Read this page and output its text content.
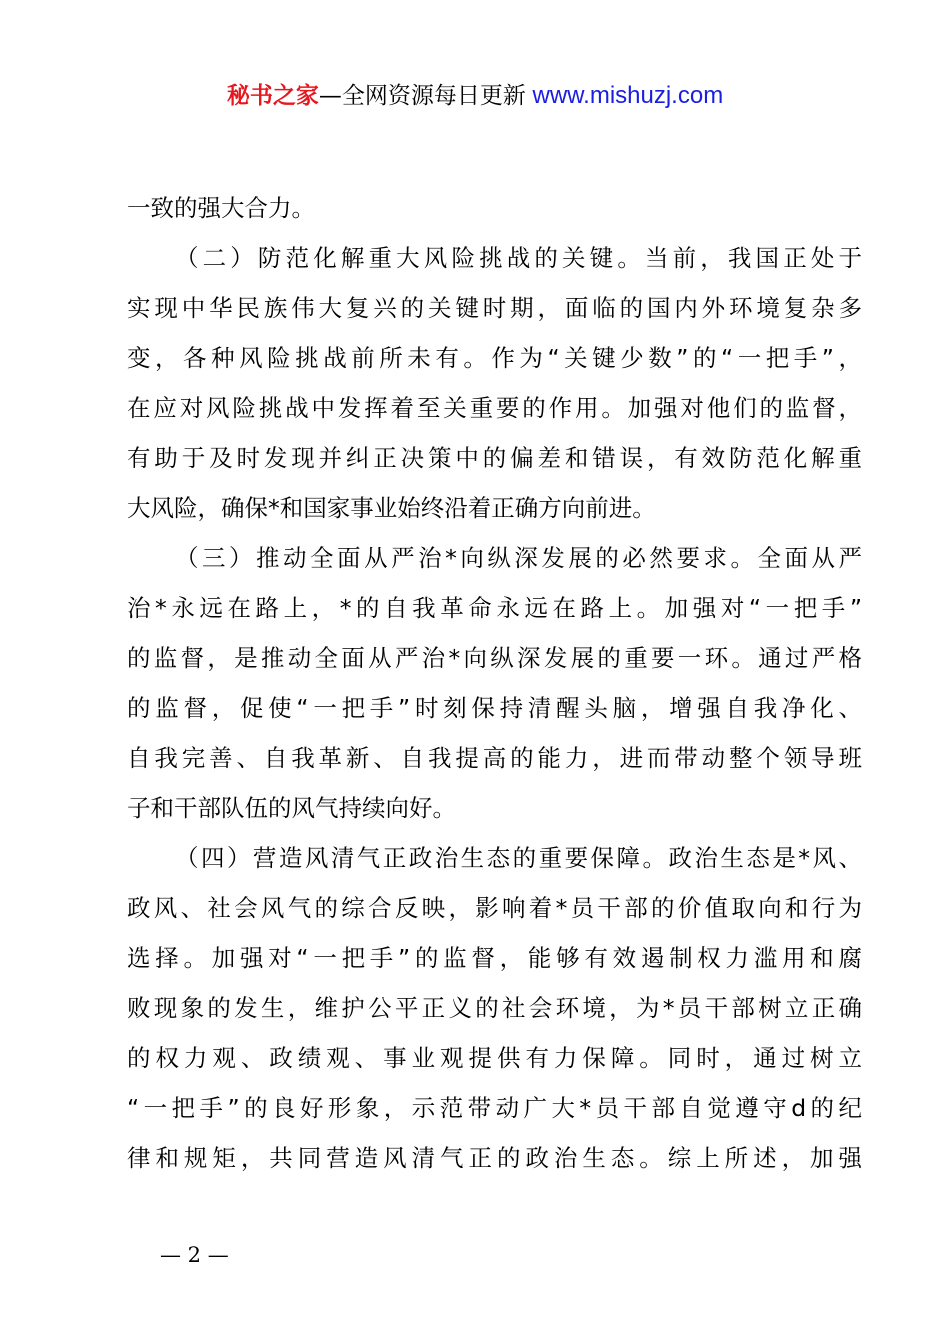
秘书之家—全网资源每日更新 www.mishuzj.com
一致的强大合力。
（二）防范化解重大风险挑战的关键。当前，我国正处于
实现中华民族伟大复兴的关键时期，面临的国内外环境复杂多
变，各种风险挑战前所未有。作为“关键少数”的“一把手”，
在应对风险挑战中发挥着至关重要的作用。加强对他们的监督，
有助于及时发现并纠正决策中的偏差和错误，有效防范化解重
大风险，确保*和国家事业始终沿着正确方向前进。
（三）推动全面从严治*向纵深发展的必然要求。全面从严
治*永远在路上，*的自我革命永远在路上。加强对“一把手”
的监督，是推动全面从严治*向纵深发展的重要一环。通过严格
的监督，促使“一把手”时刻保持清醒头脑，增强自我净化、
自我完善、自我革新、自我提高的能力，进而带动整个领导班
子和干部队伍的风气持续向好。
（四）营造风清气正政治生态的重要保障。政治生态是*风、
政风、社会风气的综合反映，影响着*员干部的价值取向和行为
选择。加强对“一把手”的监督，能够有效遏制权力滥用和腐
败现象的发生，维护公平正义的社会环境，为*员干部树立正确
的权力观、政绩观、事业观提供有力保障。同时，通过树立
“一把手”的良好形象，示范带动广大*员干部自觉遵守d的纪
律和规矩，共同营造风清气正的政治生态。综上所述，加强
— 2 —
